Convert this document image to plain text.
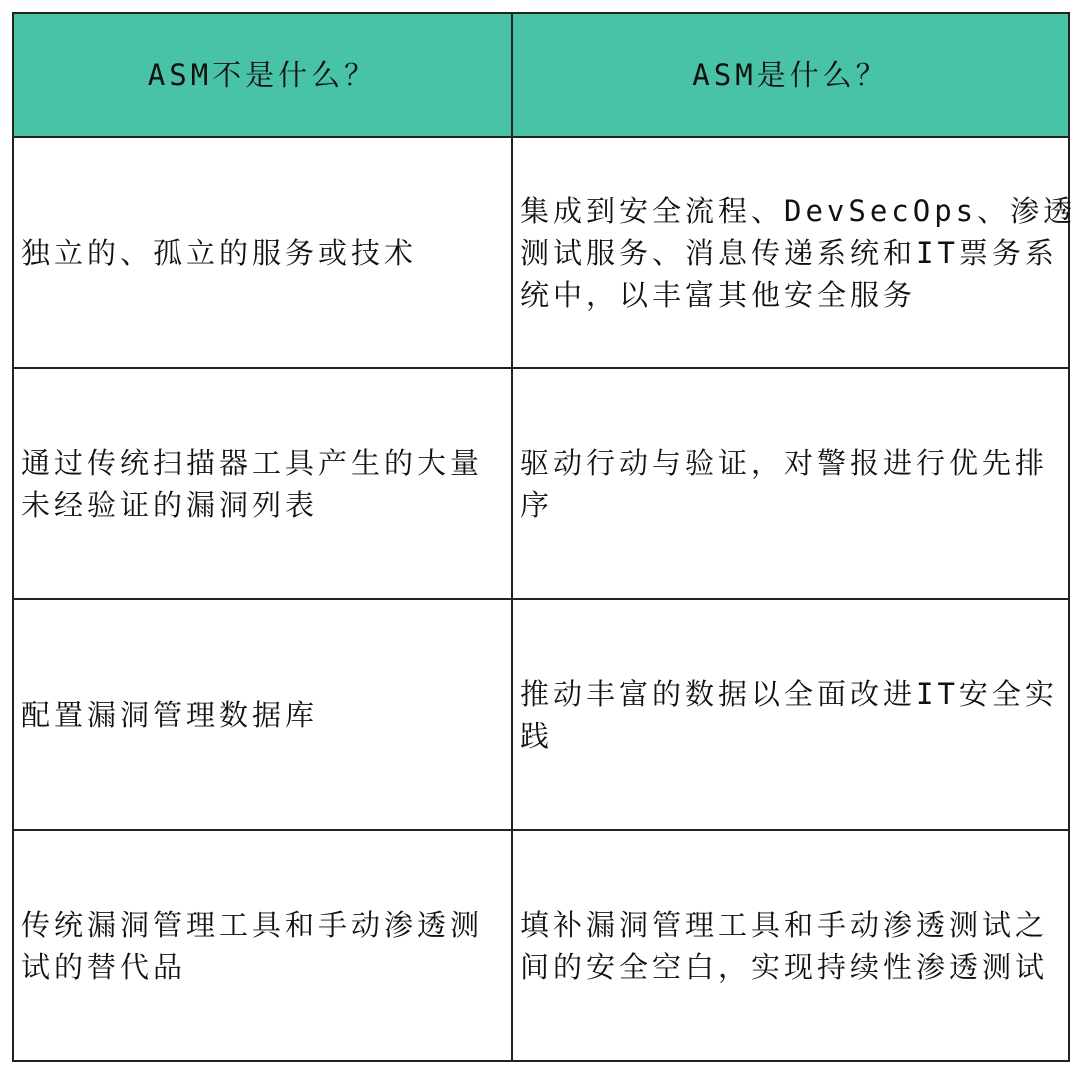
ASM不是什么？	ASM是什么？

独立的、孤立的服务或技术	集成到安全流程、DevSecOps、渗透
测试服务、消息传递系统和IT票务系
统中，以丰富其他安全服务

通过传统扫描器工具产生的大量
未经验证的漏洞列表	驱动行动与验证，对警报进行优先排
序

配置漏洞管理数据库	推动丰富的数据以全面改进IT安全实
践

传统漏洞管理工具和手动渗透测
试的替代品	填补漏洞管理工具和手动渗透测试之
间的安全空白，实现持续性渗透测试
